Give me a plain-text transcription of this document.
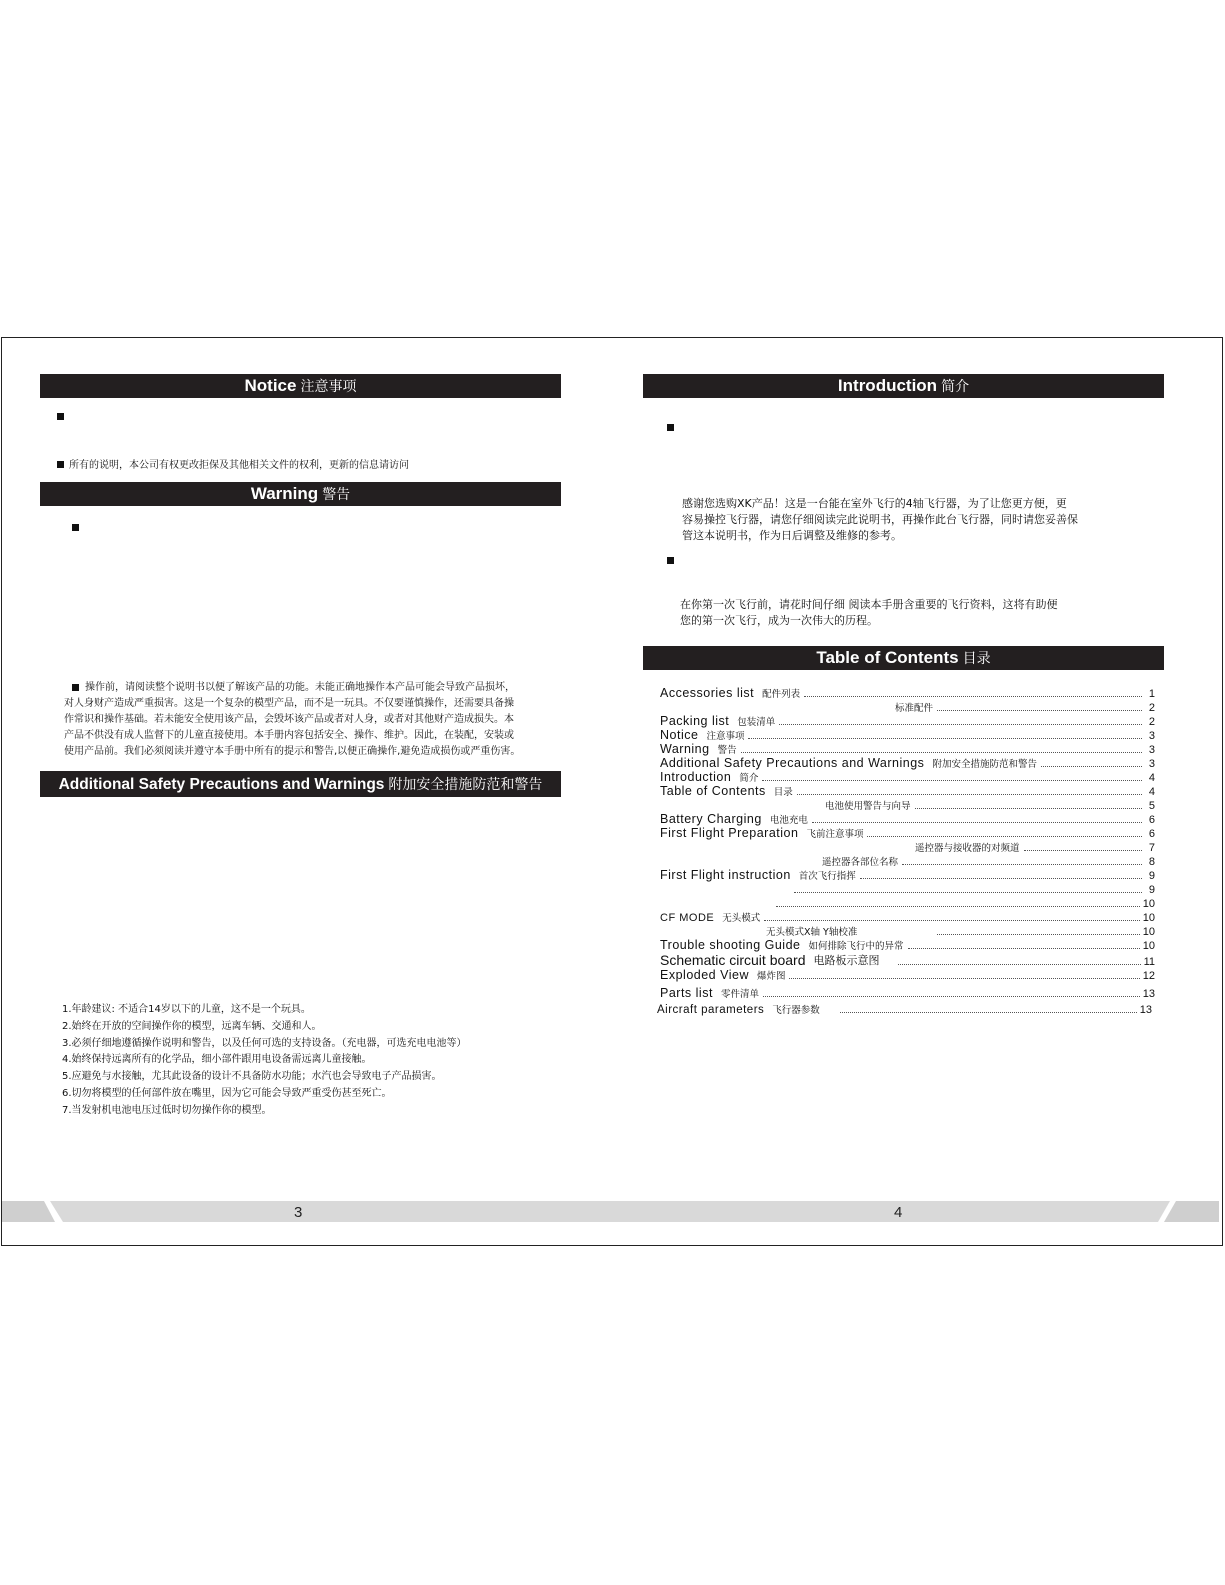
Notice 注意事项
所有的说明，本公司有权更改拒保及其他相关文件的权利，更新的信息请访问
Warning 警告
操作前，请阅读整个说明书以便了解该产品的功能。未能正确地操作本产品可能会导致产品损坏，
对人身财产造成严重损害。这是一个复杂的模型产品，而不是一玩具。不仅要谨慎操作，还需要具备操
作常识和操作基础。若未能安全使用该产品，会毁坏该产品或者对人身，或者对其他财产造成损失。本
产品不供没有成人监督下的儿童直接使用。本手册内容包括安全、操作、维护。因此，在装配，安装或
使用产品前。我们必须阅读并遵守本手册中所有的提示和警告,以便正确操作,避免造成损伤或严重伤害。
Additional Safety Precautions and Warnings 附加安全措施防范和警告
1.年龄建议: 不适合14岁以下的儿童，这不是一个玩具。
2.始终在开放的空间操作你的模型，远离车辆、交通和人。
3.必须仔细地遵循操作说明和警告，以及任何可选的支持设备。（充电器，可选充电电池等）
4.始终保持远离所有的化学品，细小部件跟用电设备需远离儿童接触。
5.应避免与水接触，尤其此设备的设计不具备防水功能；水汽也会导致电子产品损害。
6.切勿将模型的任何部件放在嘴里，因为它可能会导致严重受伤甚至死亡。
7.当发射机电池电压过低时切勿操作你的模型。
Introduction 简介
感谢您选购XK产品！这是一台能在室外飞行的4轴飞行器，为了让您更方便，更
容易操控飞行器，请您仔细阅读完此说明书，再操作此台飞行器，同时请您妥善保
管这本说明书，作为日后调整及维修的参考。
在你第一次飞行前，请花时间仔细 阅读本手册含重要的飞行资料，这将有助便
您的第一次飞行，成为一次伟大的历程。
Table of Contents 目录
Accessories list 配件列表	1
标准配件	2
Packing list 包装清单	2
Notice 注意事项	3
Warning 警告	3
Additional Safety Precautions and Warnings 附加安全措施防范和警告	3
Introduction 简介	4
Table of Contents 目录	4
电池使用警告与向导	5
Battery Charging 电池充电	6
First Flight Preparation 飞前注意事项	6
遥控器与接收器的对频道	7
遥控器各部位名称	8
First Flight instruction 首次飞行指挥	9
9
10
CF MODE 无头模式	10
无头模式X轴 Y轴校准	10
Trouble shooting Guide 如何排除飞行中的异常	10
Schematic circuit board 电路板示意图	11
Exploded View 爆炸图	12
Parts list 零件清单	13
Aircraft parameters 飞行器参数	13
3	4
